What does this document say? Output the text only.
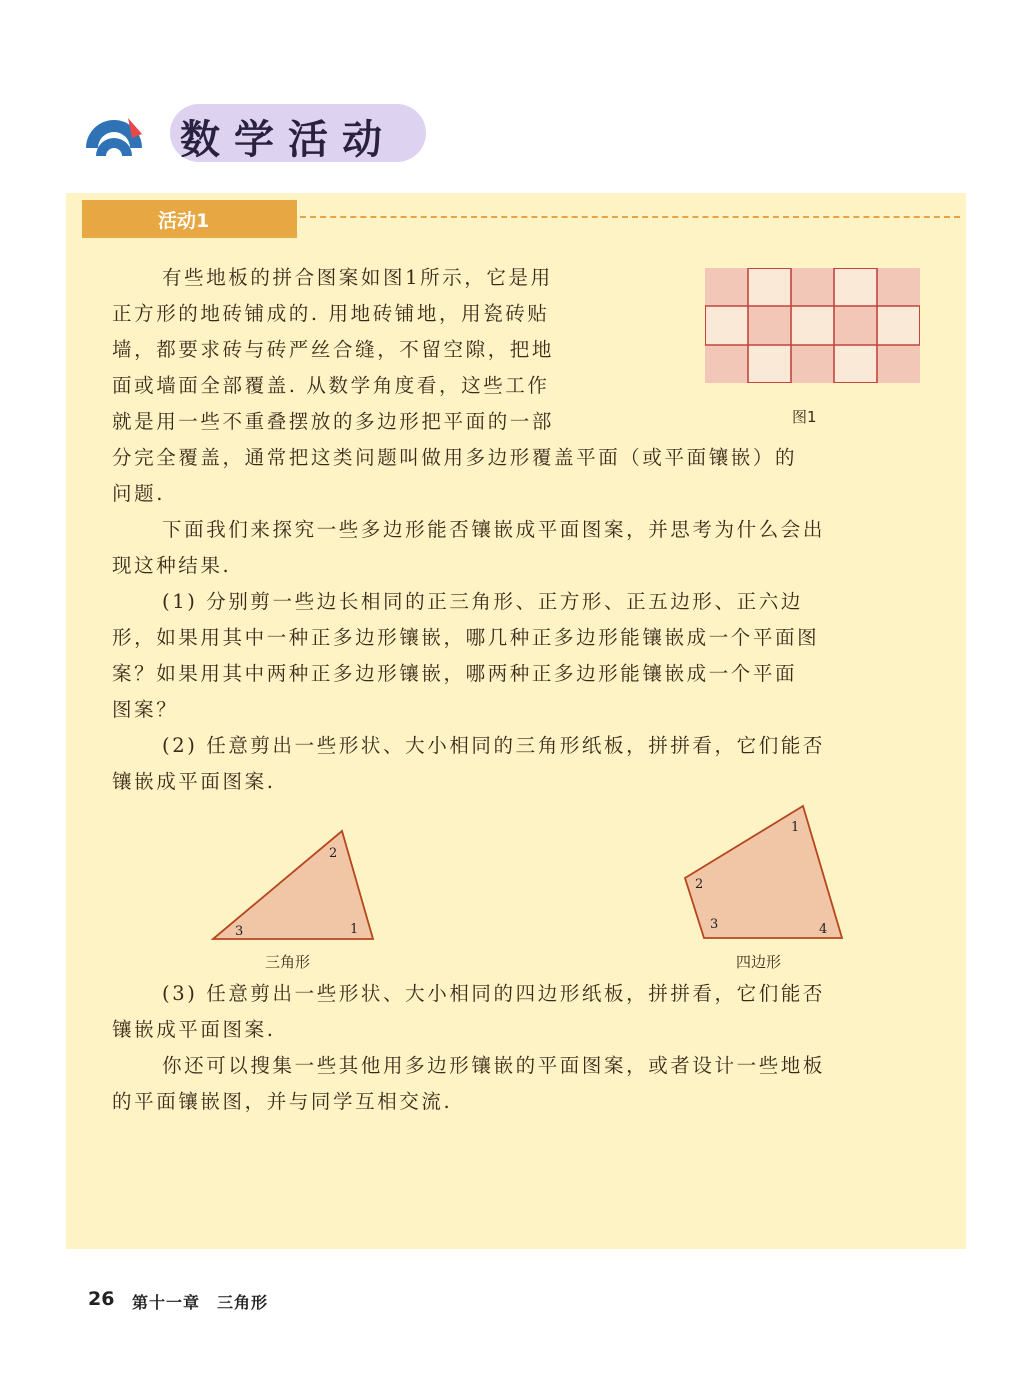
数学活动
活动1
有些地板的拼合图案如图1所示，它是用
正方形的地砖铺成的. 用地砖铺地，用瓷砖贴
墙，都要求砖与砖严丝合缝，不留空隙，把地
面或墙面全部覆盖. 从数学角度看，这些工作
就是用一些不重叠摆放的多边形把平面的一部
分完全覆盖，通常把这类问题叫做用多边形覆盖平面（或平面镶嵌）的
问题.
图1
下面我们来探究一些多边形能否镶嵌成平面图案，并思考为什么会出
现这种结果.
(1) 分别剪一些边长相同的正三角形、正方形、正五边形、正六边
形，如果用其中一种正多边形镶嵌，哪几种正多边形能镶嵌成一个平面图
案？如果用其中两种正多边形镶嵌，哪两种正多边形能镶嵌成一个平面
图案？
(2) 任意剪出一些形状、大小相同的三角形纸板，拼拼看，它们能否
镶嵌成平面图案.
2
1
3
三角形
1
2
3	4
四边形
(3) 任意剪出一些形状、大小相同的四边形纸板，拼拼看，它们能否
镶嵌成平面图案.
你还可以搜集一些其他用多边形镶嵌的平面图案，或者设计一些地板
的平面镶嵌图，并与同学互相交流.
26 第十一章　三角形
